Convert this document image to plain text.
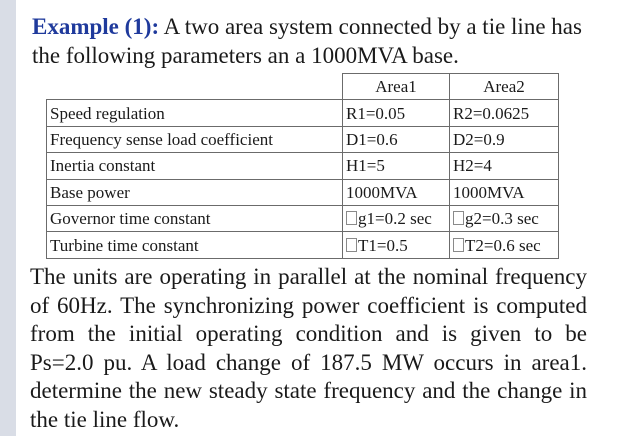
Example (1): A two area system connected by a tie line has the following parameters an a 1000MVA base.
	Area1	Area2
Speed regulation	R1=0.05	R2=0.0625
Frequency sense load coefficient	D1=0.6	D2=0.9
Inertia constant	H1=5	H2=4
Base power	1000MVA	1000MVA
Governor time constant	g1=0.2 sec	g2=0.3 sec
Turbine time constant	T1=0.5	T2=0.6 sec
The units are operating in parallel at the nominal frequency of 60Hz. The synchronizing power coefficient is computed from the initial operating condition and is given to be Ps=2.0 pu. A load change of 187.5 MW occurs in area1. determine the new steady state frequency and the change in the tie line flow.
